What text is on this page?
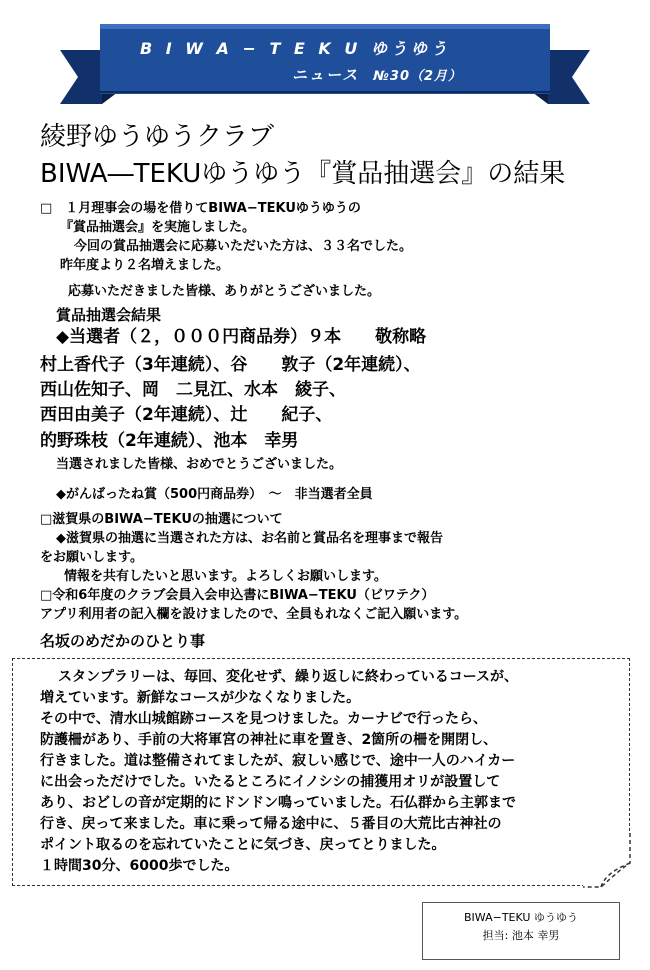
B I W A − T E K U ゆうゆう
ニュース №30（2月）
綾野ゆうゆうクラブ
BIWA―TEKUゆうゆう『賞品抽選会』の結果
□　１月理事会の場を借りてBIWA−TEKUゆうゆうの
『賞品抽選会』を実施しました。
今回の賞品抽選会に応募いただいた方は、３３名でした。
昨年度より２名増えました。
応募いただきました皆様、ありがとうございました。
賞品抽選会結果
◆当選者（２，０００円商品券）９本　　敬称略
村上香代子（3年連続）、谷　　敦子（2年連続）、
西山佐知子、岡　二見江、水本　綾子、
西田由美子（2年連続）、辻　　紀子、
的野珠枝（2年連続）、池本　幸男
当選されました皆様、おめでとうございました。
◆がんばったね賞（500円商品券）　～　非当選者全員
□滋賀県のBIWA−TEKUの抽選について
◆滋賀県の抽選に当選された方は、お名前と賞品名を理事まで報告
をお願いします。
情報を共有したいと思います。よろしくお願いします。
□令和6年度のクラブ会員入会申込書にBIWA−TEKU（ビワテク）
アプリ利用者の記入欄を設けましたので、全員もれなくご記入願います。
名坂のめだかのひとり事
スタンプラリーは、毎回、変化せず、繰り返しに終わっているコースが、
増えています。新鮮なコースが少なくなりました。
その中で、清水山城館跡コースを見つけました。カーナビで行ったら、
防護柵があり、手前の大将軍宮の神社に車を置き、2箇所の柵を開閉し、
行きました。道は整備されてましたが、寂しい感じで、途中一人のハイカー
に出会っただけでした。いたるところにイノシシの捕獲用オリが設置して
あり、おどしの音が定期的にドンドン鳴っていました。石仏群から主郭まで
行き、戻って来ました。車に乗って帰る途中に、５番目の大荒比古神社の
ポイント取るのを忘れていたことに気づき、戻ってとりました。
１時間30分、6000歩でした。
BIWA−TEKU ゆうゆう
担当: 池本 幸男
